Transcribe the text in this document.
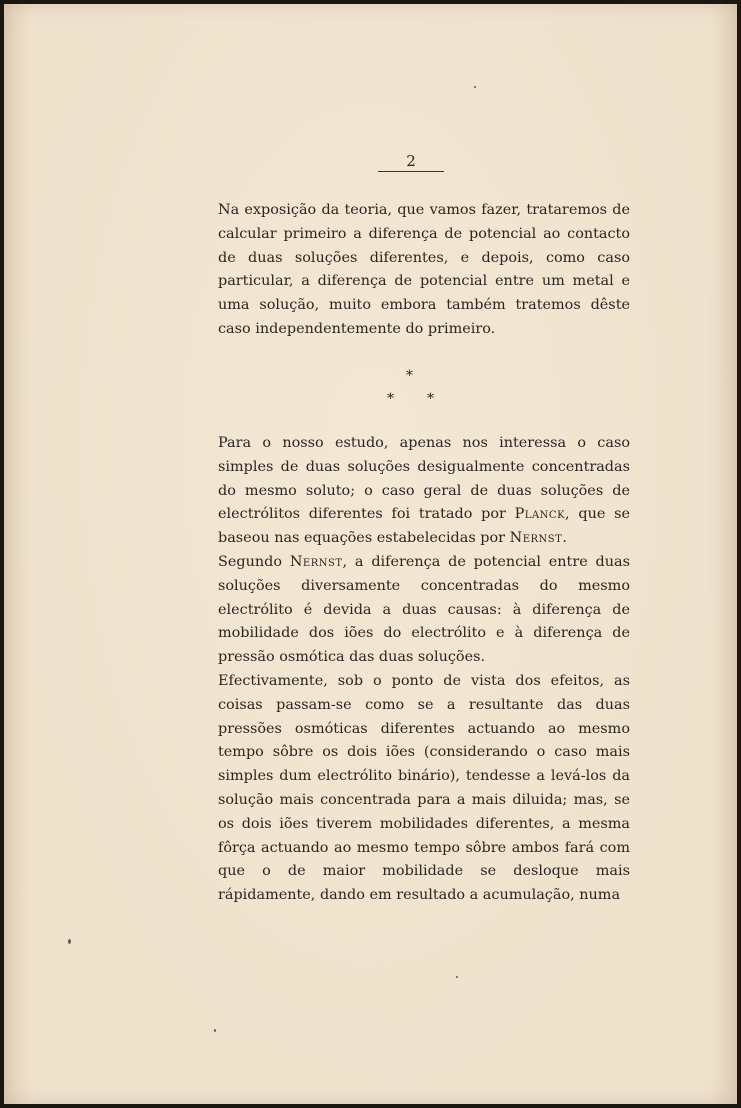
2

Na exposição da teoria, que vamos fazer, trataremos de calcular primeiro a diferença de potencial ao contacto de duas soluções diferentes, e depois, como caso particular, a diferença de potencial entre um metal e uma solução, muito embora também tratemos dêste caso independentemente do primeiro.

*
* *

Para o nosso estudo, apenas nos interessa o caso simples de duas soluções desigualmente concentradas do mesmo soluto; o caso geral de duas soluções de electrólitos diferentes foi tratado por Planck, que se baseou nas equações estabelecidas por Nernst.

Segundo Nernst, a diferença de potencial entre duas soluções diversamente concentradas do mesmo electrólito é devida a duas causas: à diferença de mobilidade dos iões do electrólito e à diferença de pressão osmótica das duas soluções.

Efectivamente, sob o ponto de vista dos efeitos, as coisas passam-se como se a resultante das duas pressões osmóticas diferentes actuando ao mesmo tempo sôbre os dois iões (considerando o caso mais simples dum electrólito binário), tendesse a levá-los da solução mais concentrada para a mais diluida; mas, se os dois iões tiverem mobilidades diferentes, a mesma fôrça actuando ao mesmo tempo sôbre ambos fará com que o de maior mobilidade se desloque mais rápidamente, dando em resultado a acumulação, numa
